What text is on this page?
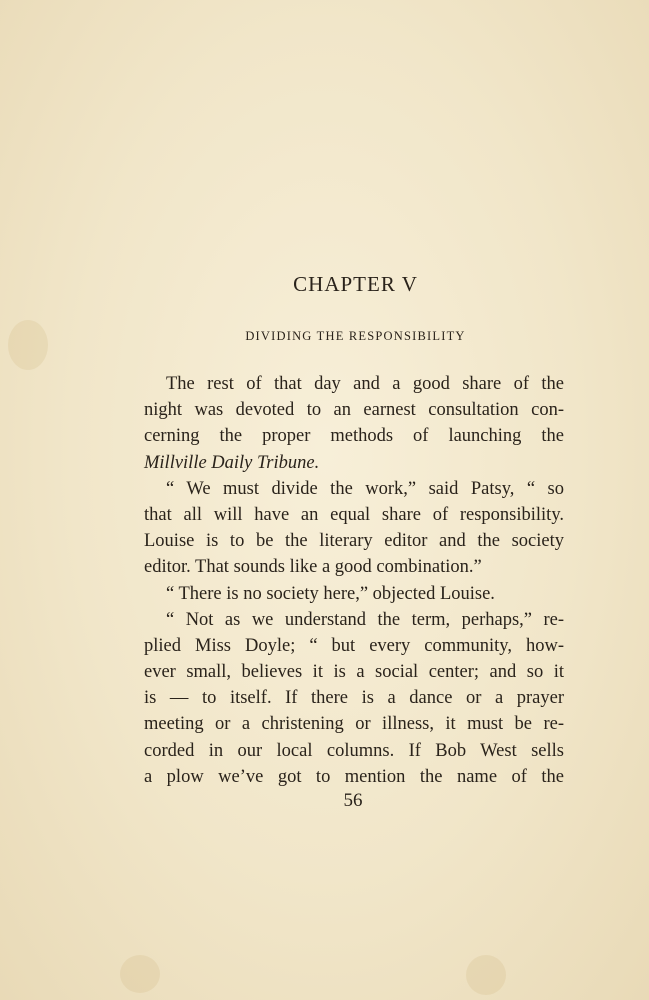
CHAPTER V
DIVIDING THE RESPONSIBILITY
The rest of that day and a good share of the
night was devoted to an earnest consultation con-
cerning the proper methods of launching the
Millville Daily Tribune.
“ We must divide the work,” said Patsy, “ so
that all will have an equal share of responsibility.
Louise is to be the literary editor and the society
editor. That sounds like a good combination.”
“ There is no society here,” objected Louise.
“ Not as we understand the term, perhaps,” re-
plied Miss Doyle; “ but every community, how-
ever small, believes it is a social center; and so it
is — to itself. If there is a dance or a prayer
meeting or a christening or illness, it must be re-
corded in our local columns. If Bob West sells
a plow we’ve got to mention the name of the
56
